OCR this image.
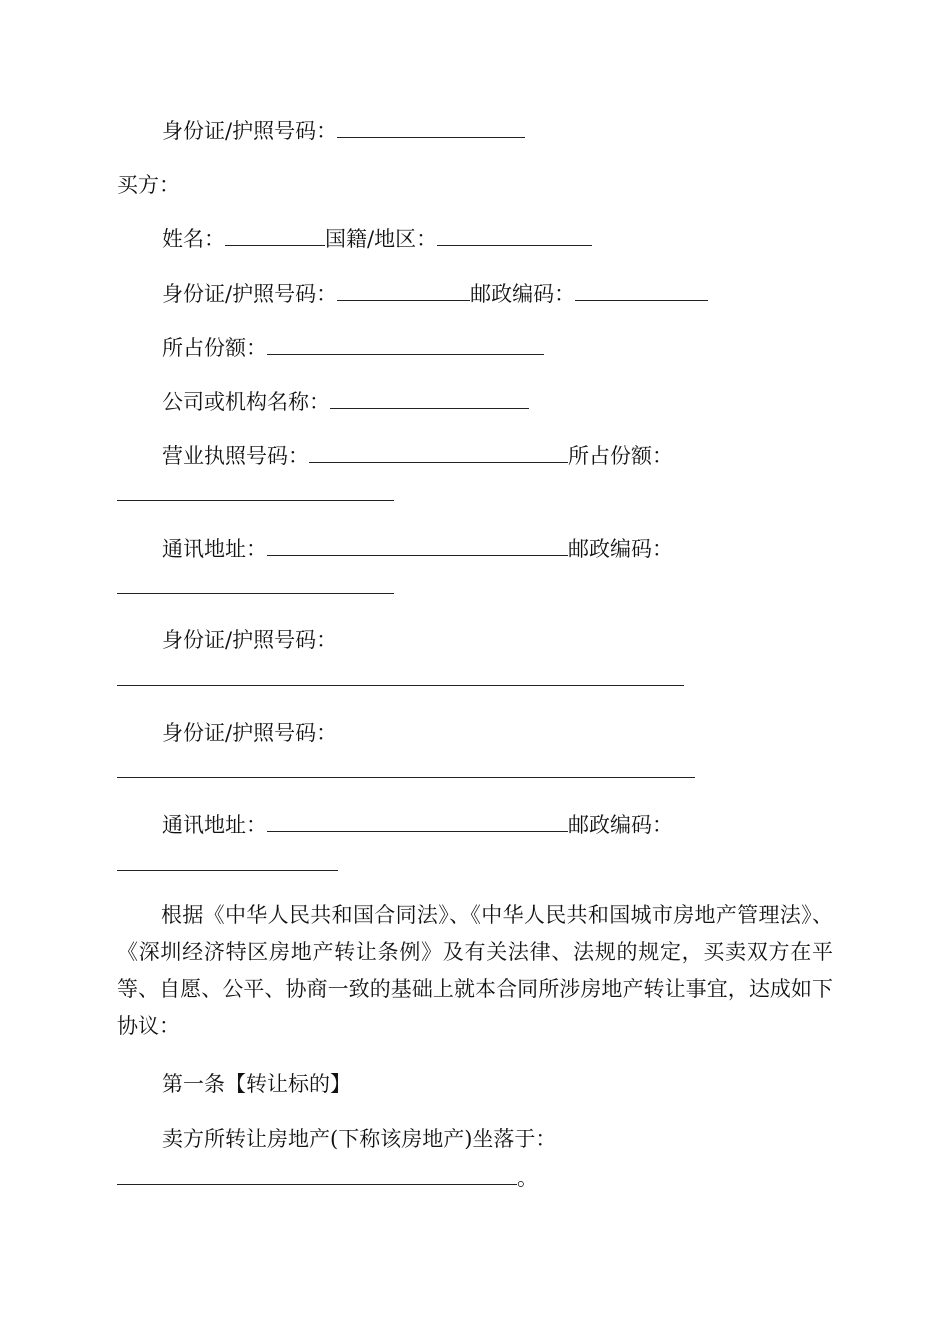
身份证/护照号码：
买方：
姓名：	国籍/地区：
身份证/护照号码：	邮政编码：
所占份额：
公司或机构名称：
营业执照号码：	所占份额：
通讯地址：	邮政编码：
身份证/护照号码：
身份证/护照号码：
通讯地址：	邮政编码：
根据《中华人民共和国合同法》、《中华人民共和国城市房地产管理法》、《深圳经济特区房地产转让条例》及有关法律、法规的规定，买卖双方在平等、自愿、公平、协商一致的基础上就本合同所涉房地产转让事宜，达成如下协议：
第一条【转让标的】
卖方所转让房地产(下称该房地产)坐落于：
。
